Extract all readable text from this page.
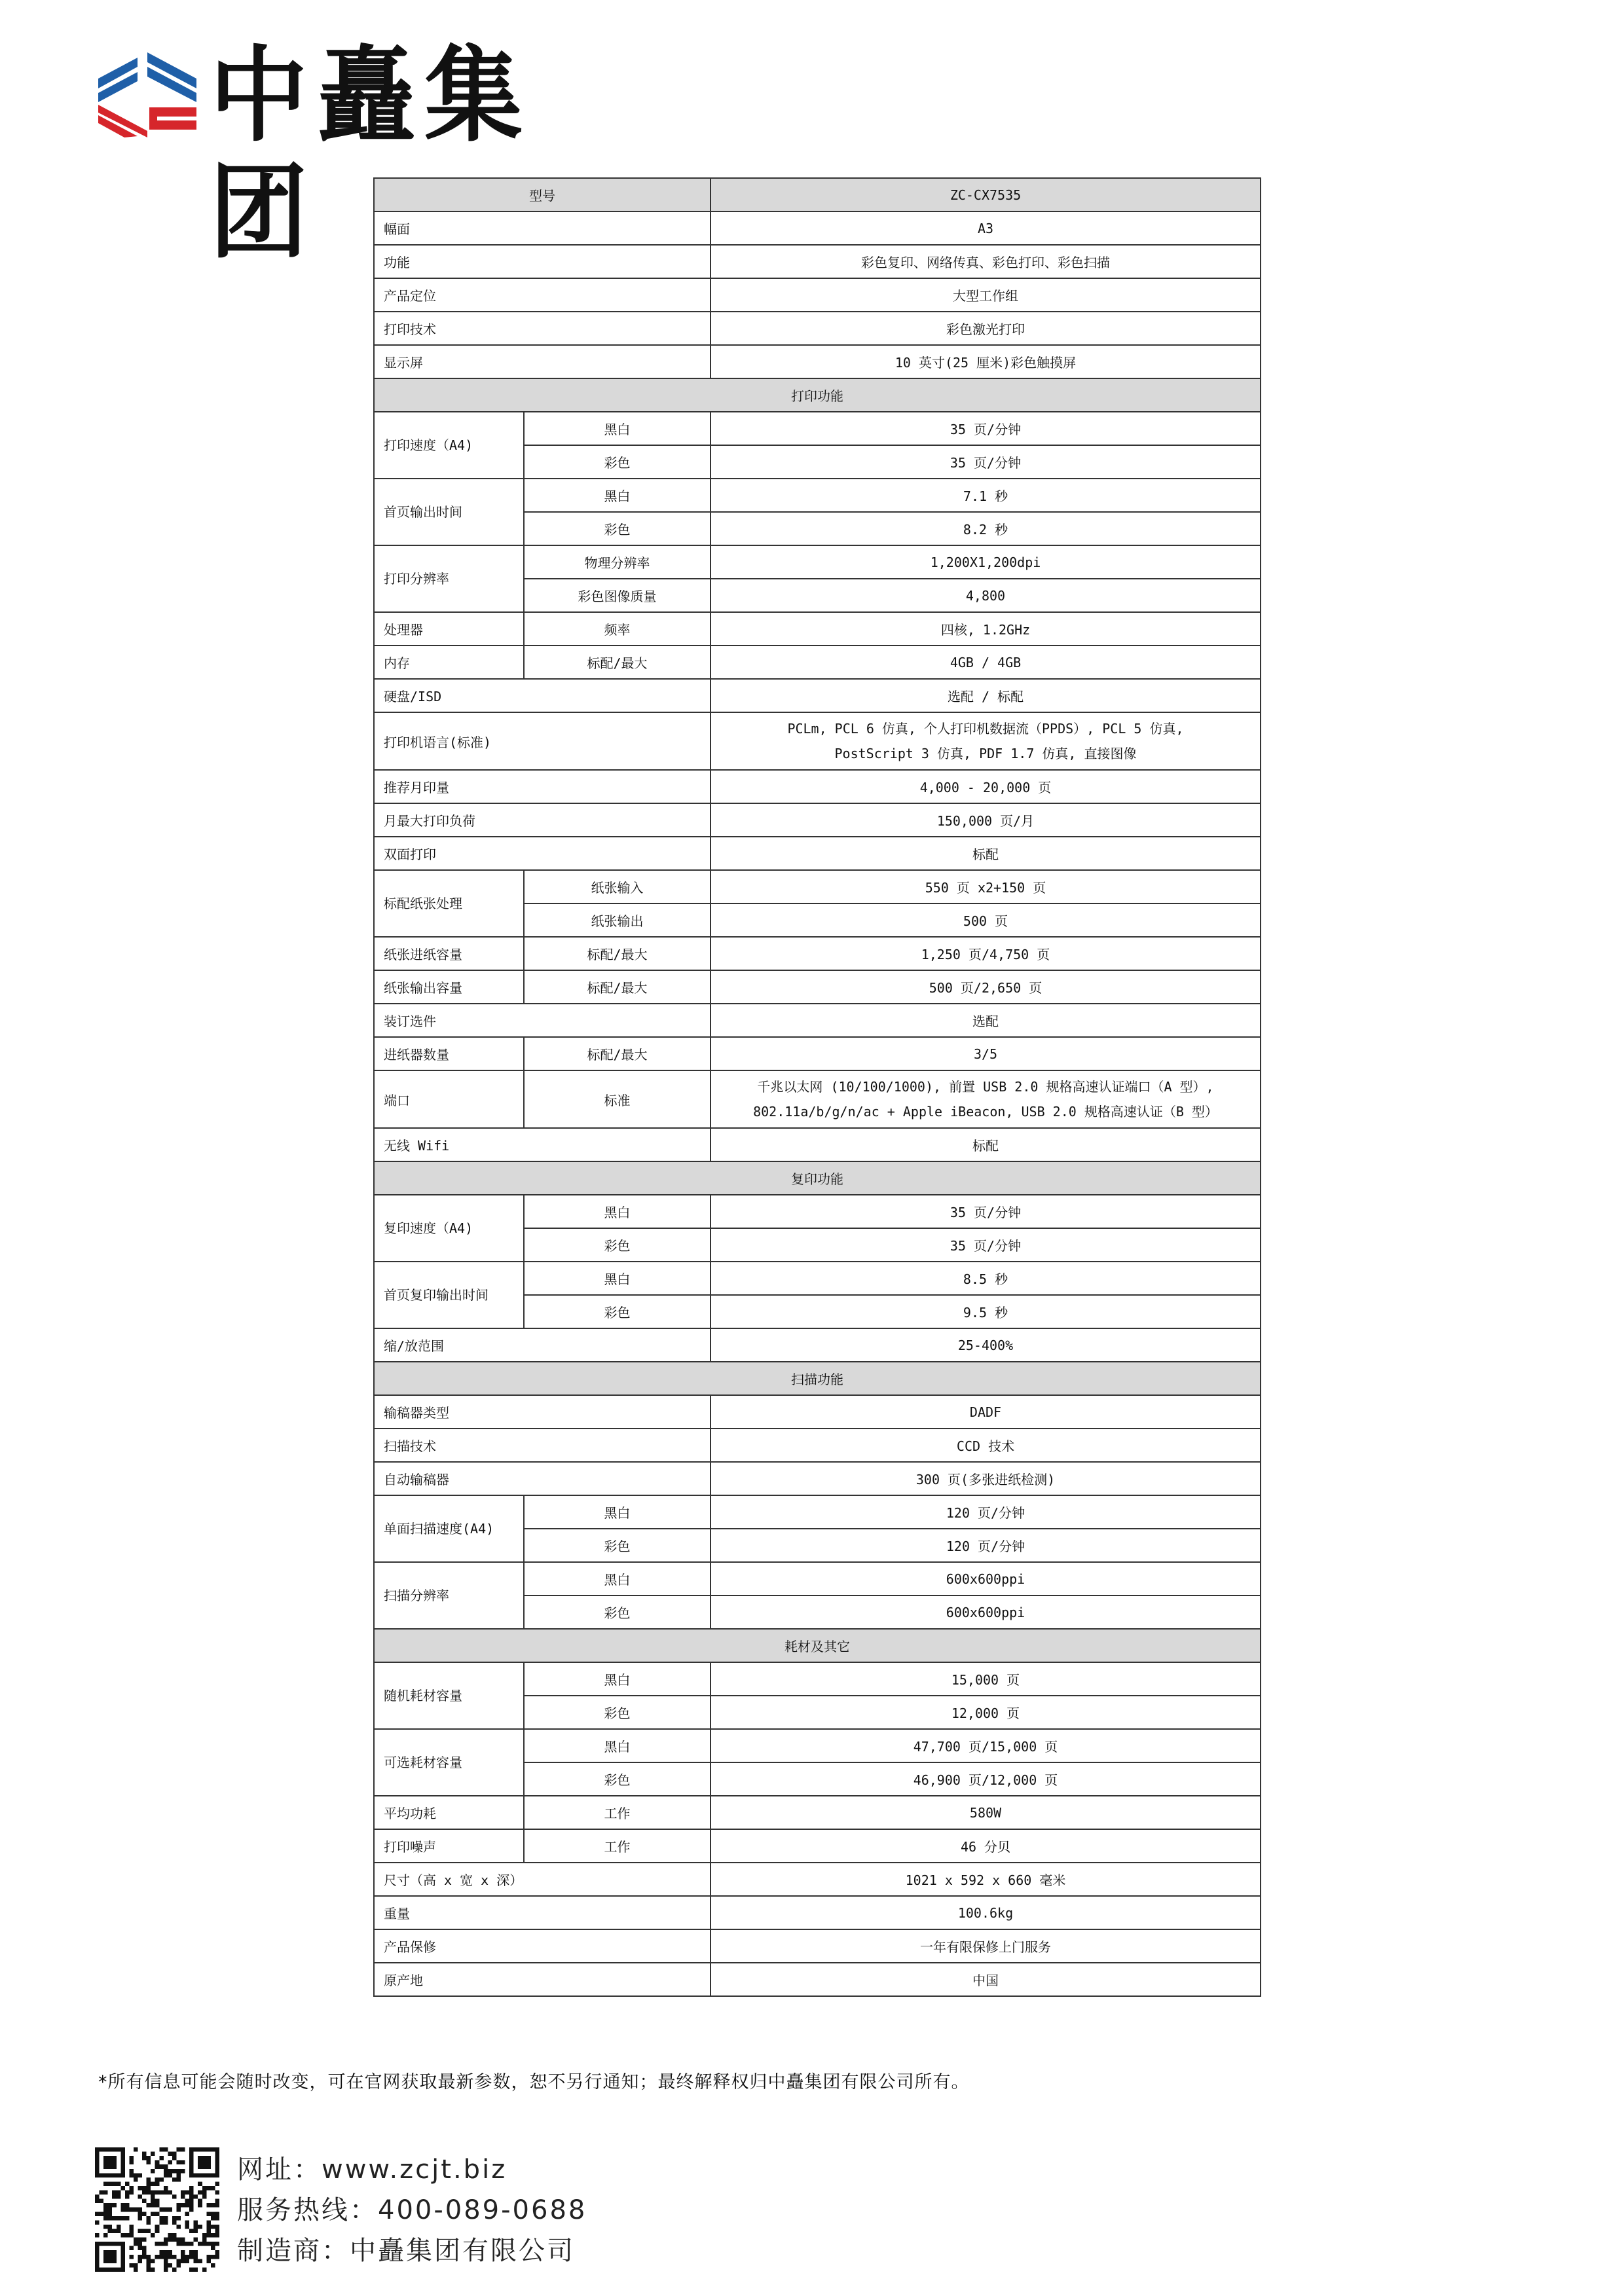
中矗集团	型号		ZC-CX7535
幅面		A3
功能		彩色复印、网络传真、彩色打印、彩色扫描
产品定位		大型工作组
打印技术		彩色激光打印
显示屏		10 英寸(25 厘米)彩色触摸屏
打印功能		
打印速度（A4)	黑白	35 页/分钟
	彩色	35 页/分钟
首页输出时间	黑白	7.1 秒
	彩色	8.2 秒
打印分辨率	物理分辨率	1,200X1,200dpi
	彩色图像质量	4,800
处理器	频率	四核, 1.2GHz
内存	标配/最大	4GB / 4GB
硬盘/ISD		选配 / 标配
打印机语言(标准)		PCLm, PCL 6 仿真, 个人打印机数据流（PPDS）, PCL 5 仿真,
PostScript 3 仿真, PDF 1.7 仿真, 直接图像

推荐月印量		4,000 - 20,000 页
月最大打印负荷		150,000 页/月
双面打印		标配
标配纸张处理	纸张输入	550 页 x2+150 页
	纸张输出	500 页
纸张进纸容量	标配/最大	1,250 页/4,750 页
纸张输出容量	标配/最大	500 页/2,650 页
装订选件		选配
进纸器数量	标配/最大	3/5
端口	标准	千兆以太网 (10/100/1000), 前置 USB 2.0 规格高速认证端口（A 型）,
802.11a/b/g/n/ac + Apple iBeacon, USB 2.0 规格高速认证（B 型）

无线 Wifi		标配
复印功能		
复印速度（A4)	黑白	35 页/分钟
	彩色	35 页/分钟
首页复印输出时间	黑白	8.5 秒
	彩色	9.5 秒
缩/放范围		25-400%
扫描功能		
输稿器类型		DADF
扫描技术		CCD 技术
自动输稿器		300 页(多张进纸检测)
单面扫描速度(A4)	黑白	120 页/分钟
	彩色	120 页/分钟
扫描分辨率	黑白	600x600ppi
	彩色	600x600ppi
耗材及其它		
随机耗材容量	黑白	15,000 页
	彩色	12,000 页
可选耗材容量	黑白	47,700 页/15,000 页
	彩色	46,900 页/12,000 页
平均功耗	工作	580W
打印噪声	工作	46 分贝
尺寸（高 x 宽 x 深）		1021 x 592 x 660 毫米
重量		100.6kg
产品保修		一年有限保修上门服务
原产地		中国
*所有信息可能会随时改变，可在官网获取最新参数，恕不另行通知；最终解释权归中矗集团有限公司所有。
网址：www.zcjt.biz
服务热线：400-089-0688
制造商：中矗集团有限公司
